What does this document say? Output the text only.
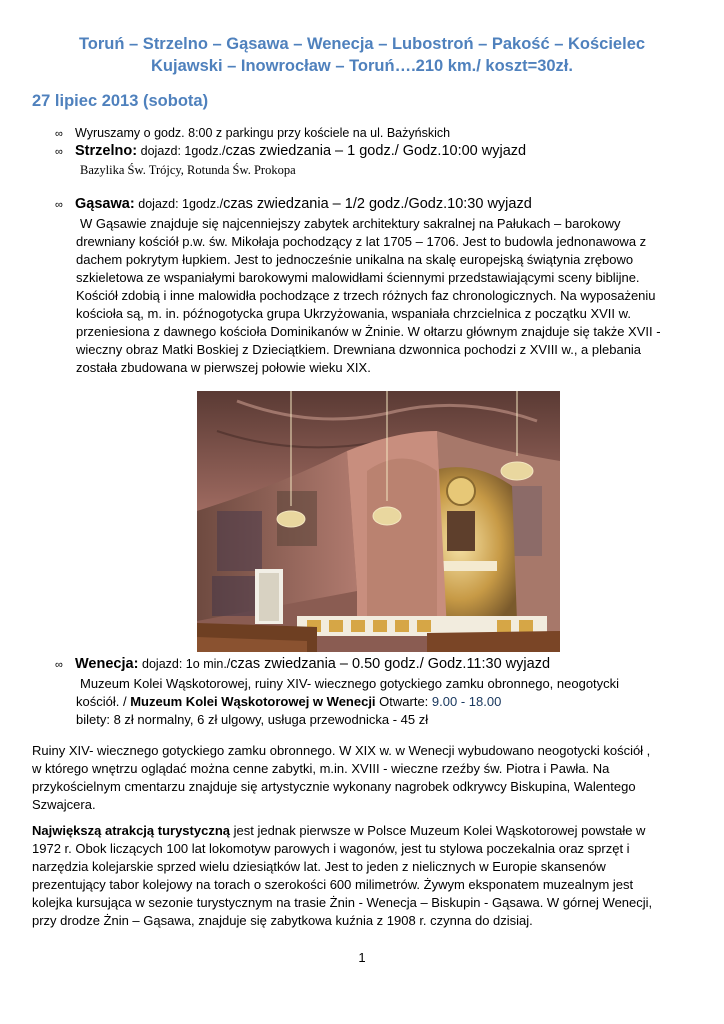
Toruń – Strzelno – Gąsawa – Wenecja – Lubostroń – Pakość – Kościelec
Kujawski – Inowrocław – Toruń….210 km./ koszt=30zł.
27 lipiec 2013 (sobota)
∞ Wyruszamy o godz. 8:00 z parkingu przy kościele na ul. Bażyńskich
∞ Strzelno: dojazd: 1godz./czas zwiedzania – 1 godz./ Godz.10:00 wyjazd
Bazylika Św. Trójcy, Rotunda Św. Prokopa
∞ Gąsawa: dojazd: 1godz./czas zwiedzania – 1/2 godz./Godz.10:30 wyjazd
W Gąsawie znajduje się najcenniejszy zabytek architektury sakralnej na Pałukach – barokowy
drewniany kościół p.w. św. Mikołaja pochodzący z lat 1705 – 1706. Jest to budowla jednonawowa z
dachem pokrytym łupkiem. Jest to jednocześnie unikalna na skalę europejską świątynia zrębowo
szkieletowa ze wspaniałymi barokowymi malowidłami ściennymi przedstawiającymi sceny biblijne.
Kościół zdobią i inne malowidła pochodzące z trzech różnych faz chronologicznych. Na wyposażeniu
kościoła są, m. in. późnogotycka grupa Ukrzyżowania, wspaniała chrzcielnica z początku XVII w.
przeniesiona z dawnego kościoła Dominikanów w Żninie. W ołtarzu głównym znajduje się także XVII -
wieczny obraz Matki Boskiej z Dzieciątkiem. Drewniana dzwonnica pochodzi z XVIII w., a plebania
została zbudowana w pierwszej połowie wieku XIX.
∞ Wenecja: dojazd: 1o min./czas zwiedzania – 0.50 godz./ Godz.11:30 wyjazd
Muzeum Kolei Wąskotorowej, ruiny XIV- wiecznego gotyckiego zamku obronnego, neogotycki
kościół. / Muzeum Kolei Wąskotorowej w Wenecji Otwarte: 9.00 - 18.00
bilety: 8 zł normalny, 6 zł ulgowy, usługa przewodnicka - 45 zł
Ruiny XIV- wiecznego gotyckiego zamku obronnego. W XIX w. w Wenecji wybudowano neogotycki kościół ,
w którego wnętrzu oglądać można cenne zabytki, m.in. XVIII - wieczne rzeźby św. Piotra i Pawła. Na
przykościelnym cmentarzu znajduje się artystycznie wykonany nagrobek odkrywcy Biskupina, Walentego
Szwajcera.
Największą atrakcją turystyczną jest jednak pierwsze w Polsce Muzeum Kolei Wąskotorowej powstałe w
1972 r. Obok liczących 100 lat lokomotyw parowych i wagonów, jest tu stylowa poczekalnia oraz sprzęt i
narzędzia kolejarskie sprzed wielu dziesiątków lat. Jest to jeden z nielicznych w Europie skansenów
prezentujący tabor kolejowy na torach o szerokości 600 milimetrów. Żywym eksponatem muzealnym jest
kolejka kursująca w sezonie turystycznym na trasie Żnin - Wenecja – Biskupin - Gąsawa. W górnej Wenecji,
przy drodze Żnin – Gąsawa, znajduje się zabytkowa kuźnia z 1908 r. czynna do dzisiaj.
1
